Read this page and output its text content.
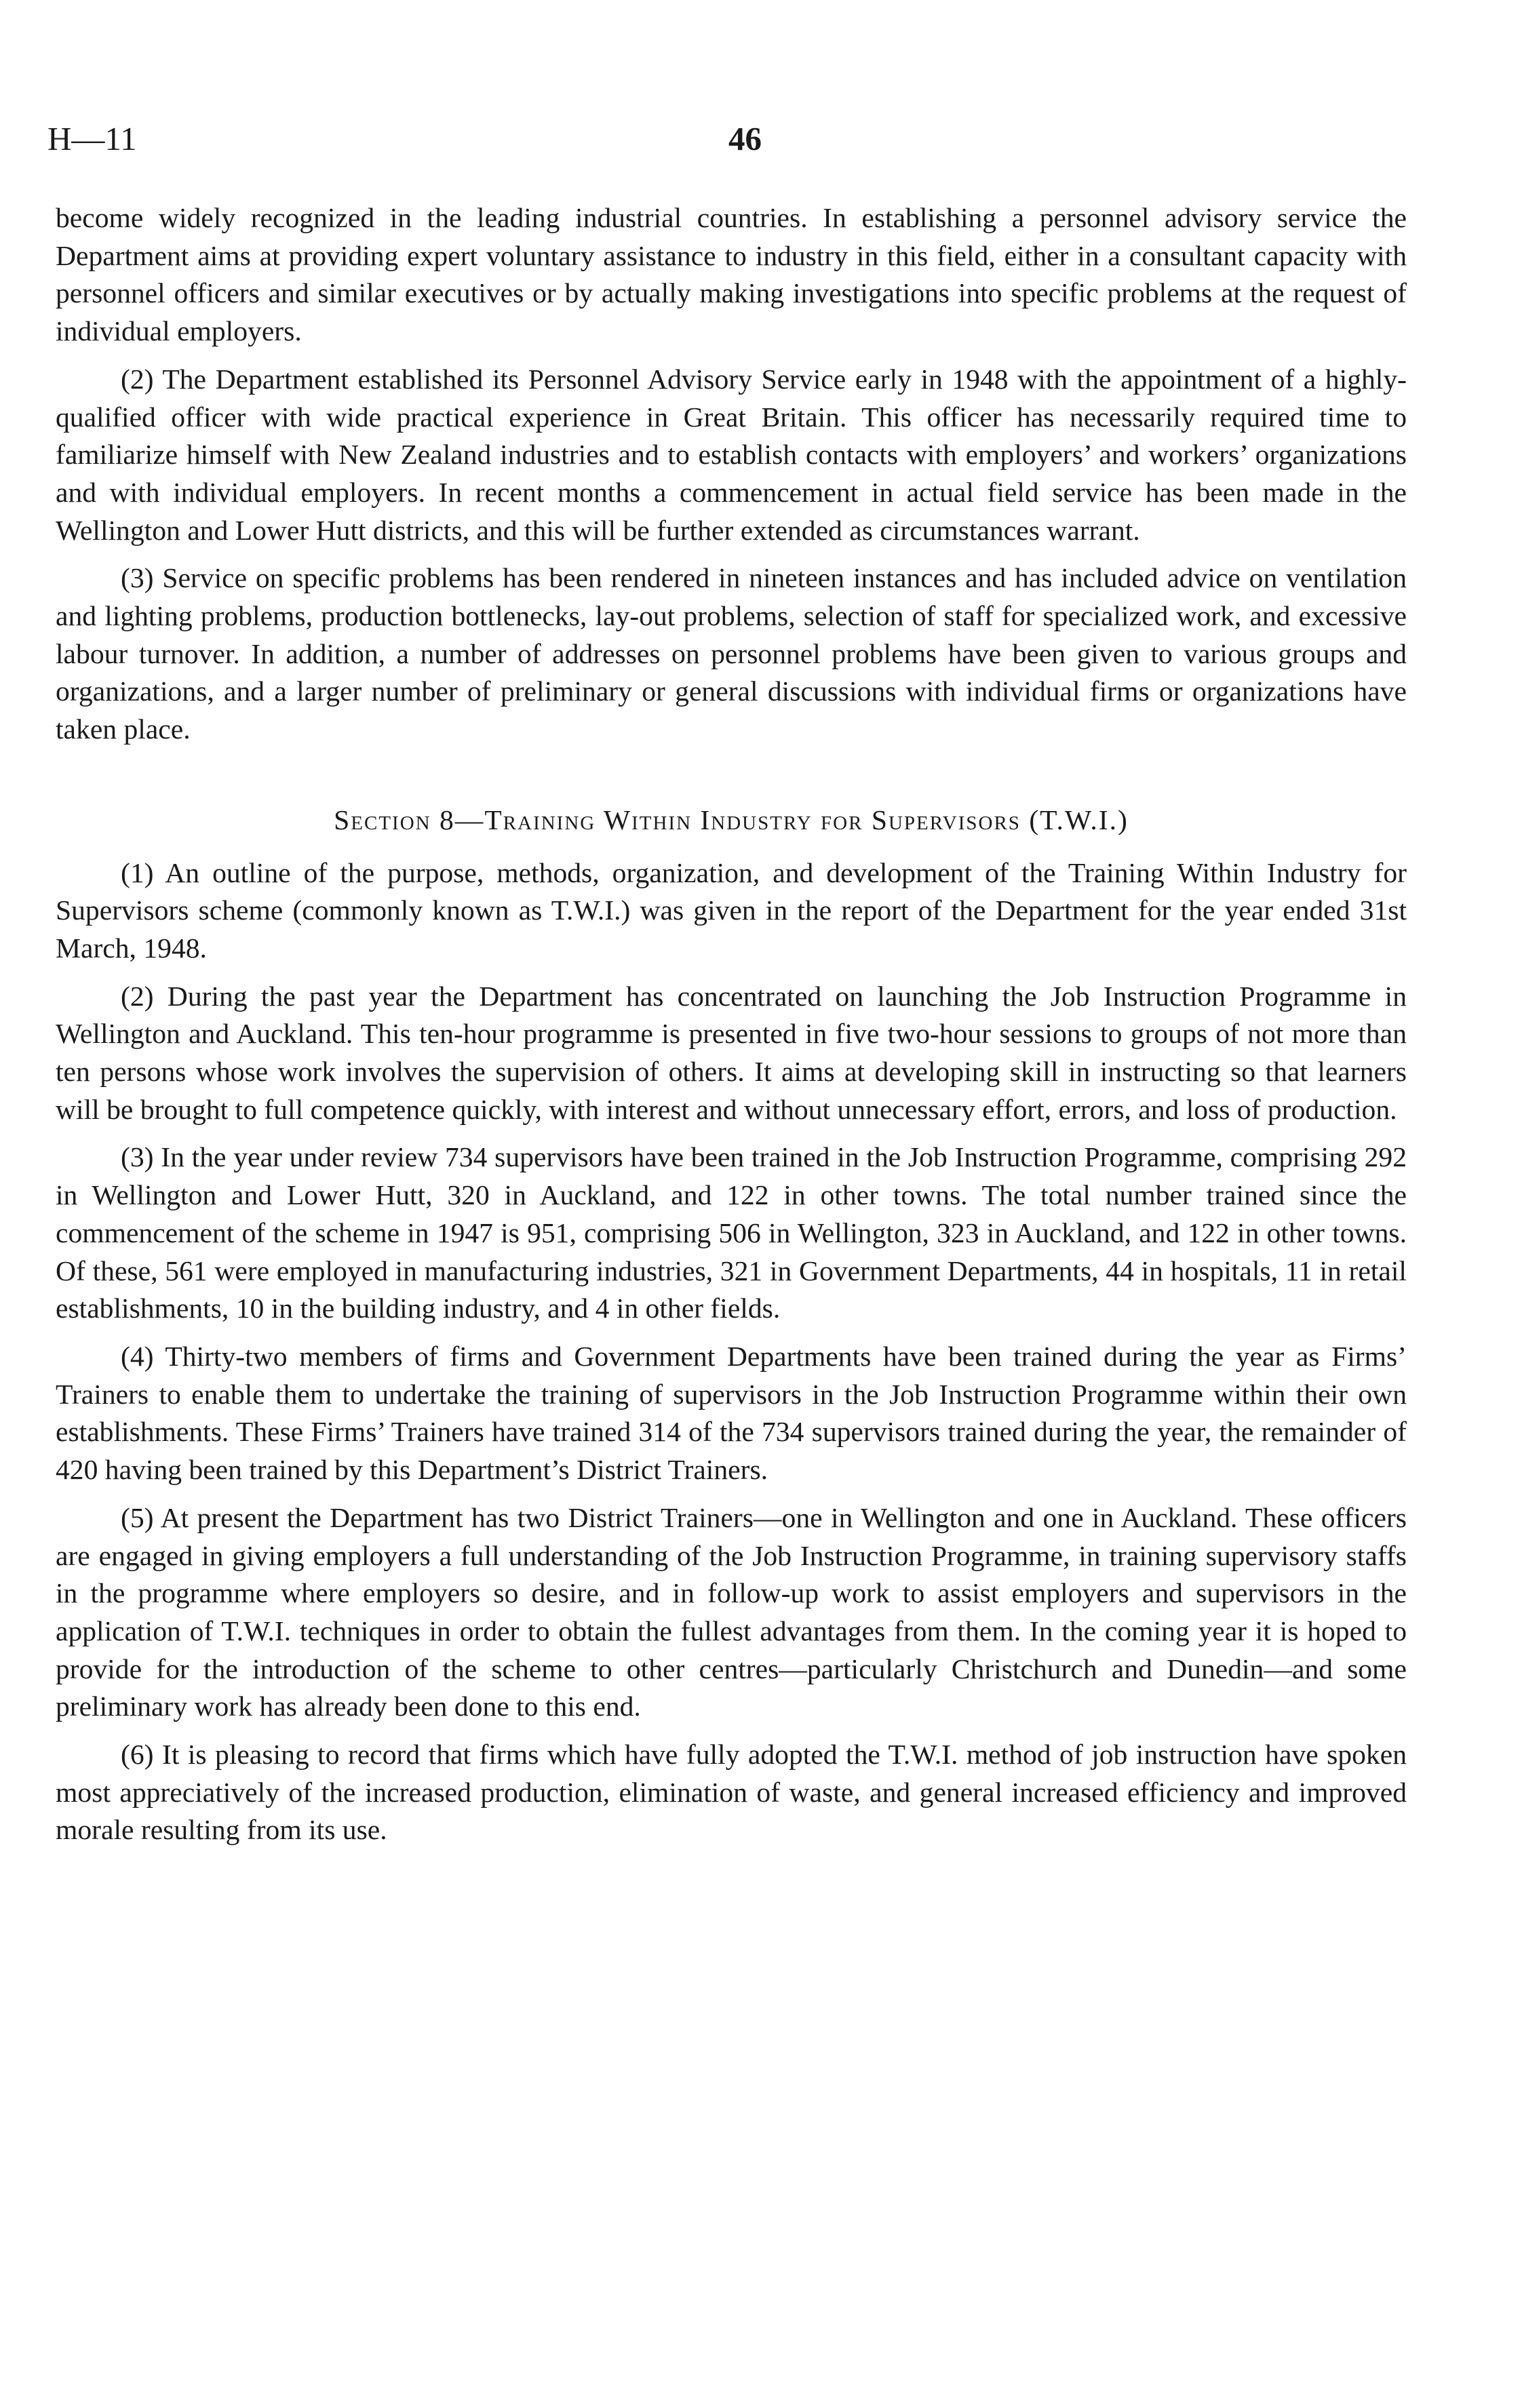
H—11	46

become widely recognized in the leading industrial countries. In establishing a personnel advisory service the Department aims at providing expert voluntary assistance to industry in this field, either in a consultant capacity with personnel officers and similar executives or by actually making investigations into specific problems at the request of individual employers.

(2) The Department established its Personnel Advisory Service early in 1948 with the appointment of a highly-qualified officer with wide practical experience in Great Britain. This officer has necessarily required time to familiarize himself with New Zealand industries and to establish contacts with employers’ and workers’ organizations and with individual employers. In recent months a commencement in actual field service has been made in the Wellington and Lower Hutt districts, and this will be further extended as circumstances warrant.

(3) Service on specific problems has been rendered in nineteen instances and has included advice on ventilation and lighting problems, production bottlenecks, lay-out problems, selection of staff for specialized work, and excessive labour turnover. In addition, a number of addresses on personnel problems have been given to various groups and organizations, and a larger number of preliminary or general discussions with individual firms or organizations have taken place.

Section 8—Training Within Industry for Supervisors (T.W.I.)

(1) An outline of the purpose, methods, organization, and development of the Training Within Industry for Supervisors scheme (commonly known as T.W.I.) was given in the report of the Department for the year ended 31st March, 1948.

(2) During the past year the Department has concentrated on launching the Job Instruction Programme in Wellington and Auckland. This ten-hour programme is presented in five two-hour sessions to groups of not more than ten persons whose work involves the supervision of others. It aims at developing skill in instructing so that learners will be brought to full competence quickly, with interest and without unnecessary effort, errors, and loss of production.

(3) In the year under review 734 supervisors have been trained in the Job Instruction Programme, comprising 292 in Wellington and Lower Hutt, 320 in Auckland, and 122 in other towns. The total number trained since the commencement of the scheme in 1947 is 951, comprising 506 in Wellington, 323 in Auckland, and 122 in other towns. Of these, 561 were employed in manufacturing industries, 321 in Government Departments, 44 in hospitals, 11 in retail establishments, 10 in the building industry, and 4 in other fields.

(4) Thirty-two members of firms and Government Departments have been trained during the year as Firms’ Trainers to enable them to undertake the training of supervisors in the Job Instruction Programme within their own establishments. These Firms’ Trainers have trained 314 of the 734 supervisors trained during the year, the remainder of 420 having been trained by this Department’s District Trainers.

(5) At present the Department has two District Trainers—one in Wellington and one in Auckland. These officers are engaged in giving employers a full understanding of the Job Instruction Programme, in training supervisory staffs in the programme where employers so desire, and in follow-up work to assist employers and supervisors in the application of T.W.I. techniques in order to obtain the fullest advantages from them. In the coming year it is hoped to provide for the introduction of the scheme to other centres—particularly Christchurch and Dunedin—and some preliminary work has already been done to this end.

(6) It is pleasing to record that firms which have fully adopted the T.W.I. method of job instruction have spoken most appreciatively of the increased production, elimination of waste, and general increased efficiency and improved morale resulting from its use.
